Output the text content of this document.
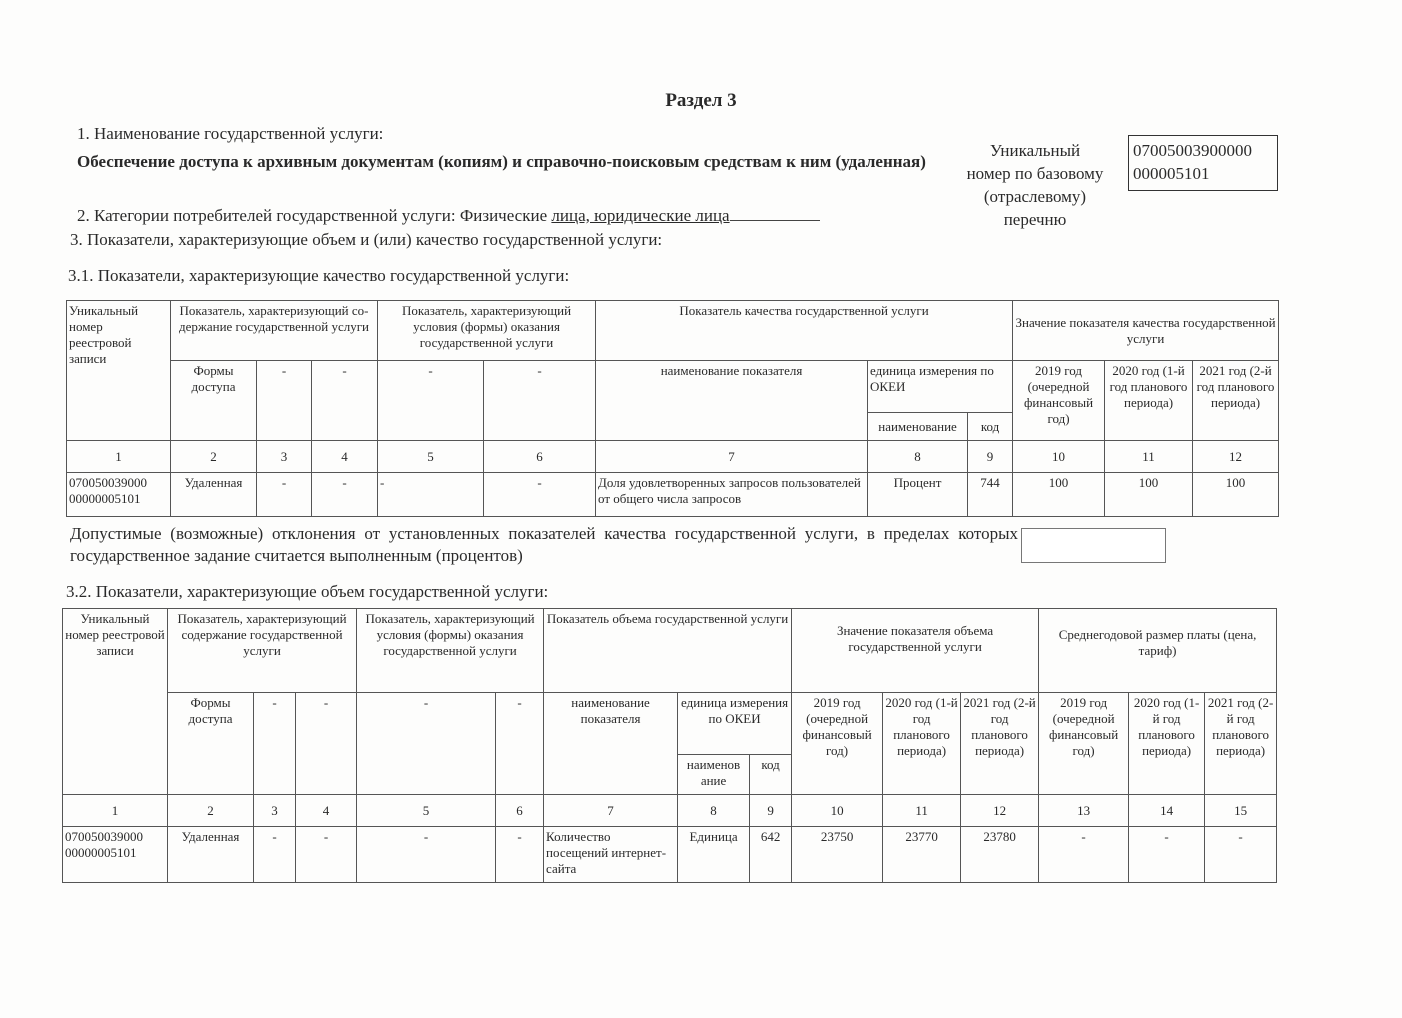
Раздел 3
1. Наименование государственной услуги:
Обеспечение доступа к архивным документам (копиям) и справочно-поисковым средствам к ним (удаленная)
2. Категории потребителей государственной услуги: Физические лица, юридические лица
3. Показатели, характеризующие объем и (или) качество государственной услуги:
Уникальный
номер по базовому
(отраслевому)
перечню
07005003900000
000005101
3.1. Показатели, характеризующие качество государственной услуги:
Уникальный номер реестровой записи	Показатель, характеризующий со-держание государственной услуги			Показатель, характеризующий условия (формы) оказания государственной услуги		Показатель качества государственной услуги			Значение показателя качества государственной услуги		
	Формы доступа	-	-	-	-	наименование показателя	единица измерения по ОКЕИ		2019 год (очередной финансовый год)	2020 год (1-й год планового периода)	2021 год (2-й год планового периода)
							наименование	код			
1	2	3	4	5	6	7	8	9	10	11	12

070050039000
00000005101	Удаленная	-	-	-	-	Доля удовлетворенных запросов пользователей от общего числа запросов	Процент	744	100	100	100
Допустимые (возможные) отклонения от установленных показателей качества государственной услуги, в пределах которых государственное задание считается выполненным (процентов)
3.2. Показатели, характеризующие объем государственной услуги:
Уникальный номер реестровой записи	Показатель, характеризующий содержание государственной услуги			Показатель, характеризующий условия (формы) оказания государственной услуги		Показатель объема государственной услуги			Значение показателя объема государственной услуги			Среднегодовой размер платы (цена, тариф)		
	Формы доступа	-	-	-	-	наименование показателя	единица измерения по ОКЕИ		2019 год (очередной финансовый год)	2020 год (1-й год планового периода)	2021 год (2-й год планового периода)	2019 год (очередной финансовый год)	2020 год (1-й год планового периода)	2021 год (2-й год планового периода)
							наименов ание	код						
1	2	3	4	5	6	7	8	9	10	11	12	13	14	15

070050039000
00000005101	Удаленная	-	-	-	-	Количество посещений интернет-сайта	Единица	642	23750	23770	23780	-	-	-
